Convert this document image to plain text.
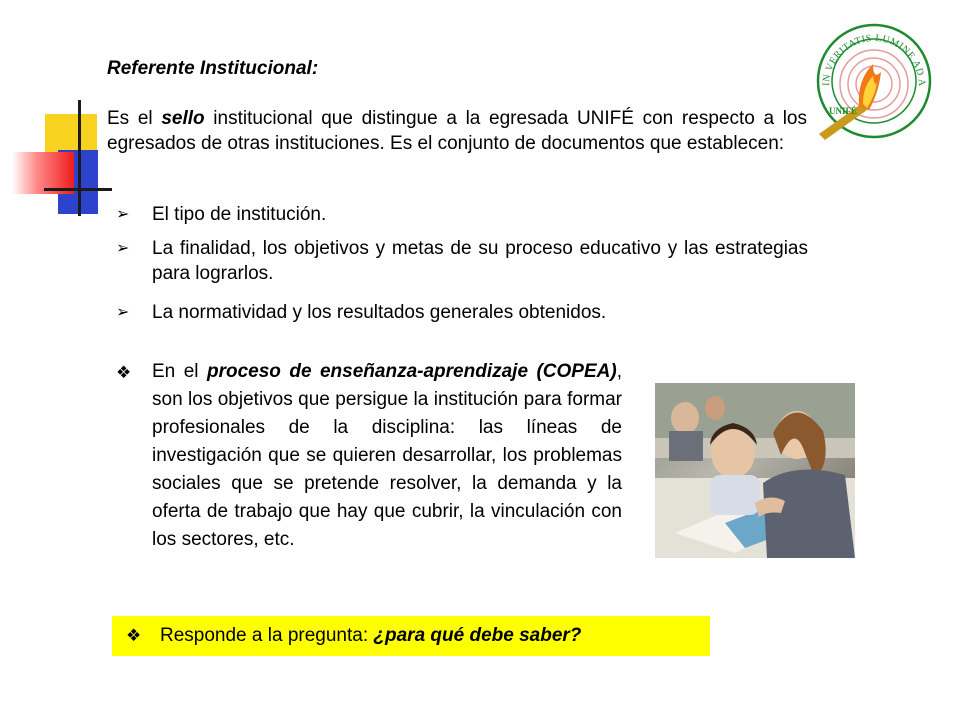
Referente Institucional:
Es el sello institucional que distingue a la egresada UNIFÉ con respecto a los egresados de otras instituciones. Es el conjunto de documentos que establecen:
➢ El tipo de institución.
➢ La finalidad, los objetivos y metas de su proceso educativo y las estrategias para lograrlos.
➢ La normatividad y los resultados generales obtenidos.
❖ En el proceso de enseñanza-aprendizaje (COPEA), son los objetivos que persigue la institución para formar profesionales de la disciplina: las líneas de investigación que se quieren desarrollar, los problemas sociales que se pretende resolver, la demanda y la oferta de trabajo que hay que cubrir, la vinculación con los sectores, etc.
❖ Responde a la pregunta: ¿para qué debe saber?
IN VERITATIS LUMINE AD A
UNIFÉ
